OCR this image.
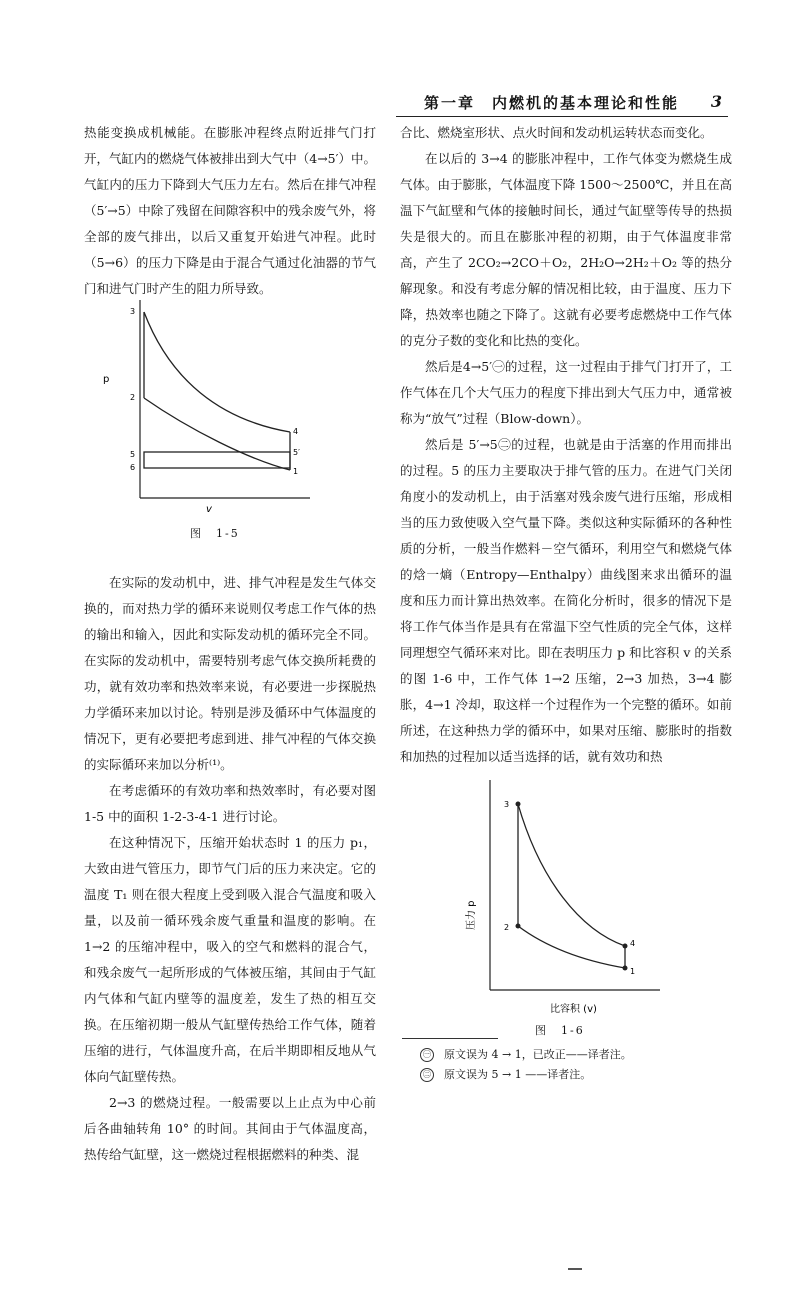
第一章　内燃机的基本理论和性能 3

热能变换成机械能。在膨胀冲程终点附近排气门打开，气缸内的燃烧气体被排出到大气中（4→5′）中。气缸内的压力下降到大气压力左右。然后在排气冲程（5′→5）中除了残留在间隙容积中的残余废气外，将全部的废气排出，以后又重复开始进气冲程。此时（5→6）的压力下降是由于混合气通过化油器的节气门和进气门时产生的阻力所导致。

在实际的发动机中，进、排气冲程是发生气体交换的，而对热力学的循环来说则仅考虑工作气体的热的输出和输入，因此和实际发动机的循环完全不同。在实际的发动机中，需要特别考虑气体交换所耗费的功，就有效功率和热效率来说，有必要进一步探脱热力学循环来加以讨论。特别是涉及循环中气体温度的情况下，更有必要把考虑到进、排气冲程的气体交换的实际循环来加以分析⁽¹⁾。

在考虑循环的有效功率和热效率时，有必要对图 1-5 中的面积 1-2-3-4-1 进行讨论。

在这种情况下，压缩开始状态时 1 的压力 p₁，大致由进气管压力，即节气门后的压力来决定。它的温度 T₁ 则在很大程度上受到吸入混合气温度和吸入量，以及前一循环残余废气重量和温度的影响。在 1→2 的压缩冲程中，吸入的空气和燃料的混合气，和残余废气一起所形成的气体被压缩，其间由于气缸内气体和气缸内壁等的温度差，发生了热的相互交换。在压缩初期一般从气缸壁传热给工作气体，随着压缩的进行，气体温度升高，在后半期即相反地从气体向气缸壁传热。

2→3 的燃烧过程。一般需要以上止点为中心前后各曲轴转角 10° 的时间。其间由于气体温度高，热传给气缸壁，这一燃烧过程根据燃料的种类、混

合比、燃烧室形状、点火时间和发动机运转状态而变化。

在以后的 3→4 的膨胀冲程中，工作气体变为燃烧生成气体。由于膨胀，气体温度下降 1500～2500℃，并且在高温下气缸壁和气体的接触时间长，通过气缸壁等传导的热损失是很大的。而且在膨胀冲程的初期，由于气体温度非常高，产生了 2CO₂→2CO＋O₂，2H₂O→2H₂＋O₂ 等的热分解现象。和没有考虑分解的情况相比较，由于温度、压力下降，热效率也随之下降了。这就有必要考虑燃烧中工作气体的克分子数的变化和比热的变化。

然后是4→5′㊀的过程，这一过程由于排气门打开了，工作气体在几个大气压力的程度下排出到大气压力中，通常被称为“放气”过程（Blow-down）。

然后是 5′→5㊁的过程，也就是由于活塞的作用而排出的过程。5 的压力主要取决于排气管的压力。在进气门关闭角度小的发动机上，由于活塞对残余废气进行压缩，形成相当的压力致使吸入空气量下降。类似这种实际循环的各种性质的分析，一般当作燃料－空气循环，利用空气和燃烧气体的焓一熵（Entropy—Enthalpy）曲线图来求出循环的温度和压力而计算出热效率。在简化分析时，很多的情况下是将工作气体当作是具有在常温下空气性质的完全气体，这样同理想空气循环来对比。即在表明压力 p 和比容积 v 的关系的图 1-6 中，工作气体 1→2 压缩，2→3 加热，3→4 膨胀，4→1 冷却，取这样一个过程作为一个完整的循环。如前所述，在这种热力学的循环中，如果对压缩、膨胀时的指数和加热的过程加以适当选择的话，就有效功和热

p
v
3
2
4
5	5′
6	1
图　1-5
压力 p
比容积 (v)
3
2
4
1
图　1-6
㊀ 原文误为 4 → 1，已改正——译者注。
㊁ 原文误为 5 → 1 ——译者注。
